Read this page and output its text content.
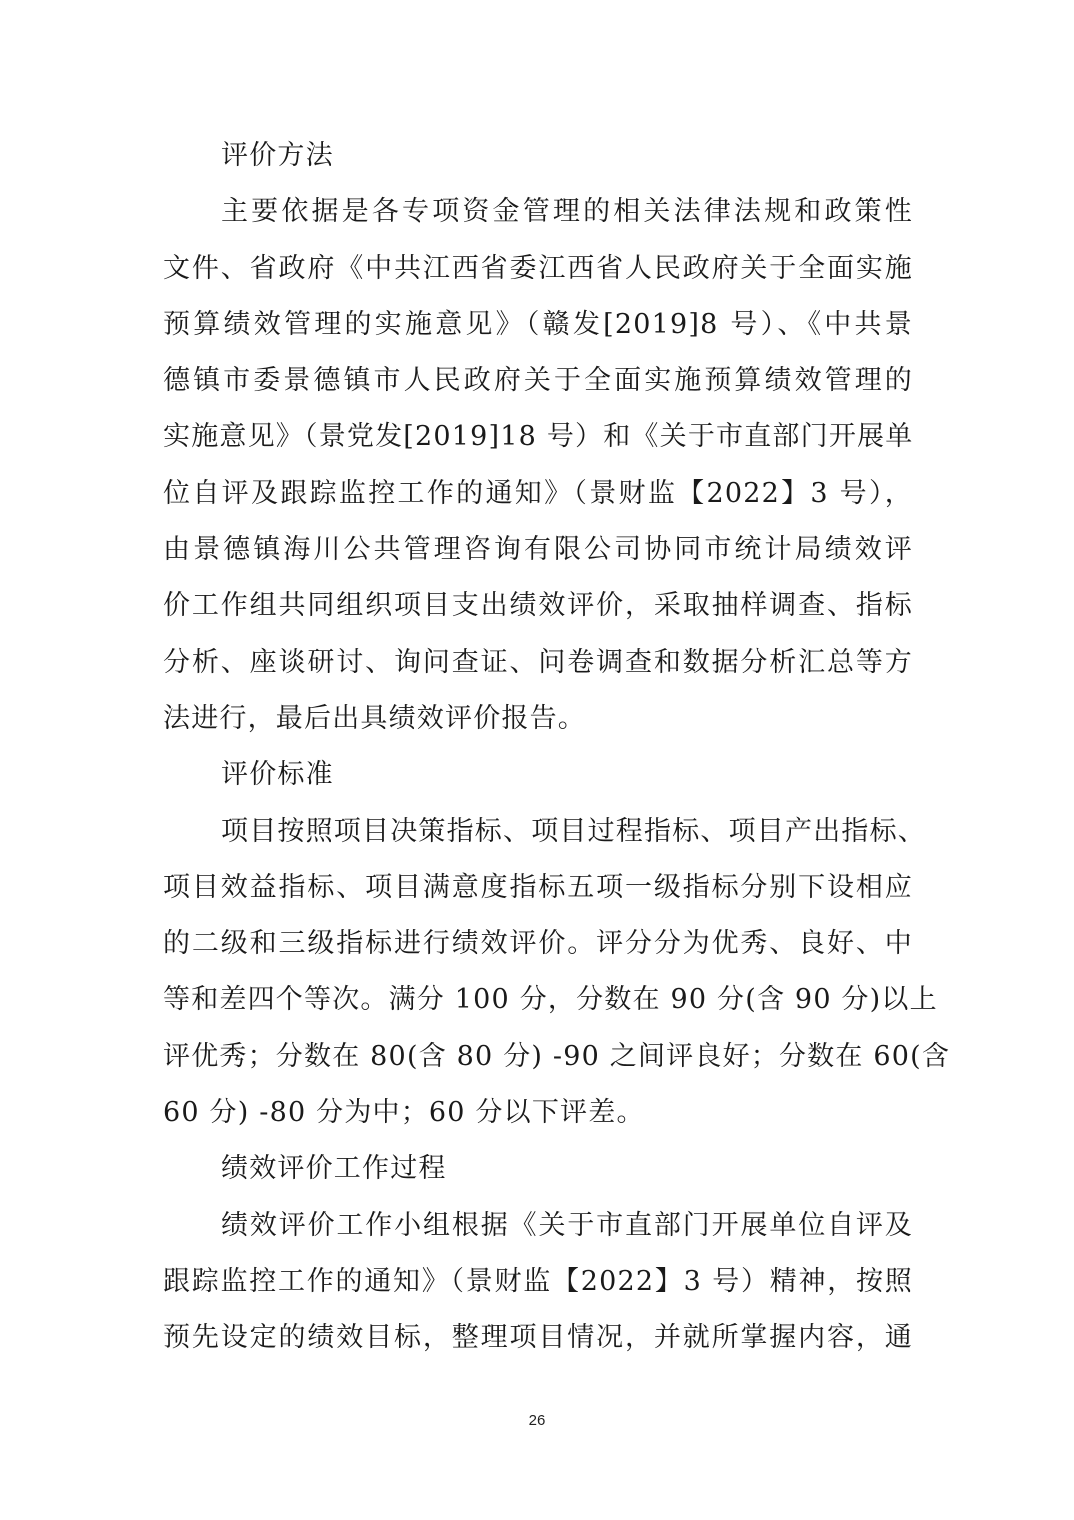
评价方法
主要依据是各专项资金管理的相关法律法规和政策性
文件、省政府《中共江西省委江西省人民政府关于全面实施
预算绩效管理的实施意见》（赣发[2019]8 号）、《中共景
德镇市委景德镇市人民政府关于全面实施预算绩效管理的
实施意见》（景党发[2019]18 号）和《关于市直部门开展单
位自评及跟踪监控工作的通知》（景财监【2022】3 号），
由景德镇海川公共管理咨询有限公司协同市统计局绩效评
价工作组共同组织项目支出绩效评价，采取抽样调查、指标
分析、座谈研讨、询问查证、问卷调查和数据分析汇总等方
法进行，最后出具绩效评价报告。
评价标准
项目按照项目决策指标、项目过程指标、项目产出指标、
项目效益指标、项目满意度指标五项一级指标分别下设相应
的二级和三级指标进行绩效评价。评分分为优秀、良好、中
等和差四个等次。满分 100 分，分数在 90 分(含 90 分)以上
评优秀；分数在 80(含 80 分) -90 之间评良好；分数在 60(含
60 分) -80 分为中；60 分以下评差。
绩效评价工作过程
绩效评价工作小组根据《关于市直部门开展单位自评及
跟踪监控工作的通知》（景财监【2022】3 号）精神，按照
预先设定的绩效目标，整理项目情况，并就所掌握内容，通
26
